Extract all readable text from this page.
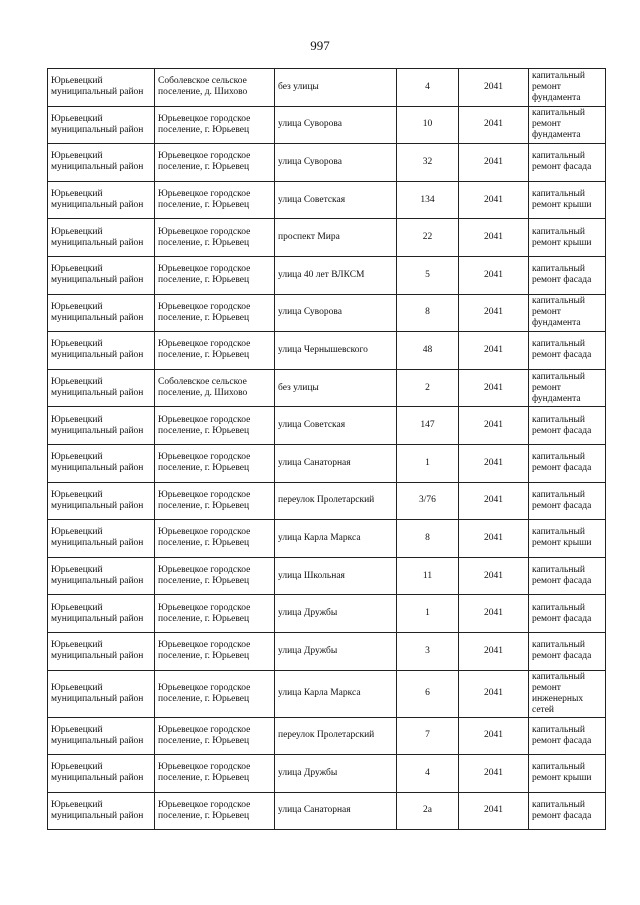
997
Юрьевецкий муниципальный район	Соболевское сельское поселение, д. Шихово	без улицы	4	2041	капитальный ремонт фундамента
Юрьевецкий муниципальный район	Юрьевецкое городское поселение, г. Юрьевец	улица Суворова	10	2041	капитальный ремонт фундамента
Юрьевецкий муниципальный район	Юрьевецкое городское поселение, г. Юрьевец	улица Суворова	32	2041	капитальный ремонт фасада
Юрьевецкий муниципальный район	Юрьевецкое городское поселение, г. Юрьевец	улица Советская	134	2041	капитальный ремонт крыши
Юрьевецкий муниципальный район	Юрьевецкое городское поселение, г. Юрьевец	проспект Мира	22	2041	капитальный ремонт крыши
Юрьевецкий муниципальный район	Юрьевецкое городское поселение, г. Юрьевец	улица 40 лет ВЛКСМ	5	2041	капитальный ремонт фасада
Юрьевецкий муниципальный район	Юрьевецкое городское поселение, г. Юрьевец	улица Суворова	8	2041	капитальный ремонт фундамента
Юрьевецкий муниципальный район	Юрьевецкое городское поселение, г. Юрьевец	улица Чернышевского	48	2041	капитальный ремонт фасада
Юрьевецкий муниципальный район	Соболевское сельское поселение, д. Шихово	без улицы	2	2041	капитальный ремонт фундамента
Юрьевецкий муниципальный район	Юрьевецкое городское поселение, г. Юрьевец	улица Советская	147	2041	капитальный ремонт фасада
Юрьевецкий муниципальный район	Юрьевецкое городское поселение, г. Юрьевец	улица Санаторная	1	2041	капитальный ремонт фасада
Юрьевецкий муниципальный район	Юрьевецкое городское поселение, г. Юрьевец	переулок Пролетарский	3/76	2041	капитальный ремонт фасада
Юрьевецкий муниципальный район	Юрьевецкое городское поселение, г. Юрьевец	улица Карла Маркса	8	2041	капитальный ремонт крыши
Юрьевецкий муниципальный район	Юрьевецкое городское поселение, г. Юрьевец	улица Школьная	11	2041	капитальный ремонт фасада
Юрьевецкий муниципальный район	Юрьевецкое городское поселение, г. Юрьевец	улица Дружбы	1	2041	капитальный ремонт фасада
Юрьевецкий муниципальный район	Юрьевецкое городское поселение, г. Юрьевец	улица Дружбы	3	2041	капитальный ремонт фасада
Юрьевецкий муниципальный район	Юрьевецкое городское поселение, г. Юрьевец	улица Карла Маркса	6	2041	капитальный ремонт инженерных сетей
Юрьевецкий муниципальный район	Юрьевецкое городское поселение, г. Юрьевец	переулок Пролетарский	7	2041	капитальный ремонт фасада
Юрьевецкий муниципальный район	Юрьевецкое городское поселение, г. Юрьевец	улица Дружбы	4	2041	капитальный ремонт крыши
Юрьевецкий муниципальный район	Юрьевецкое городское поселение, г. Юрьевец	улица Санаторная	2а	2041	капитальный ремонт фасада
